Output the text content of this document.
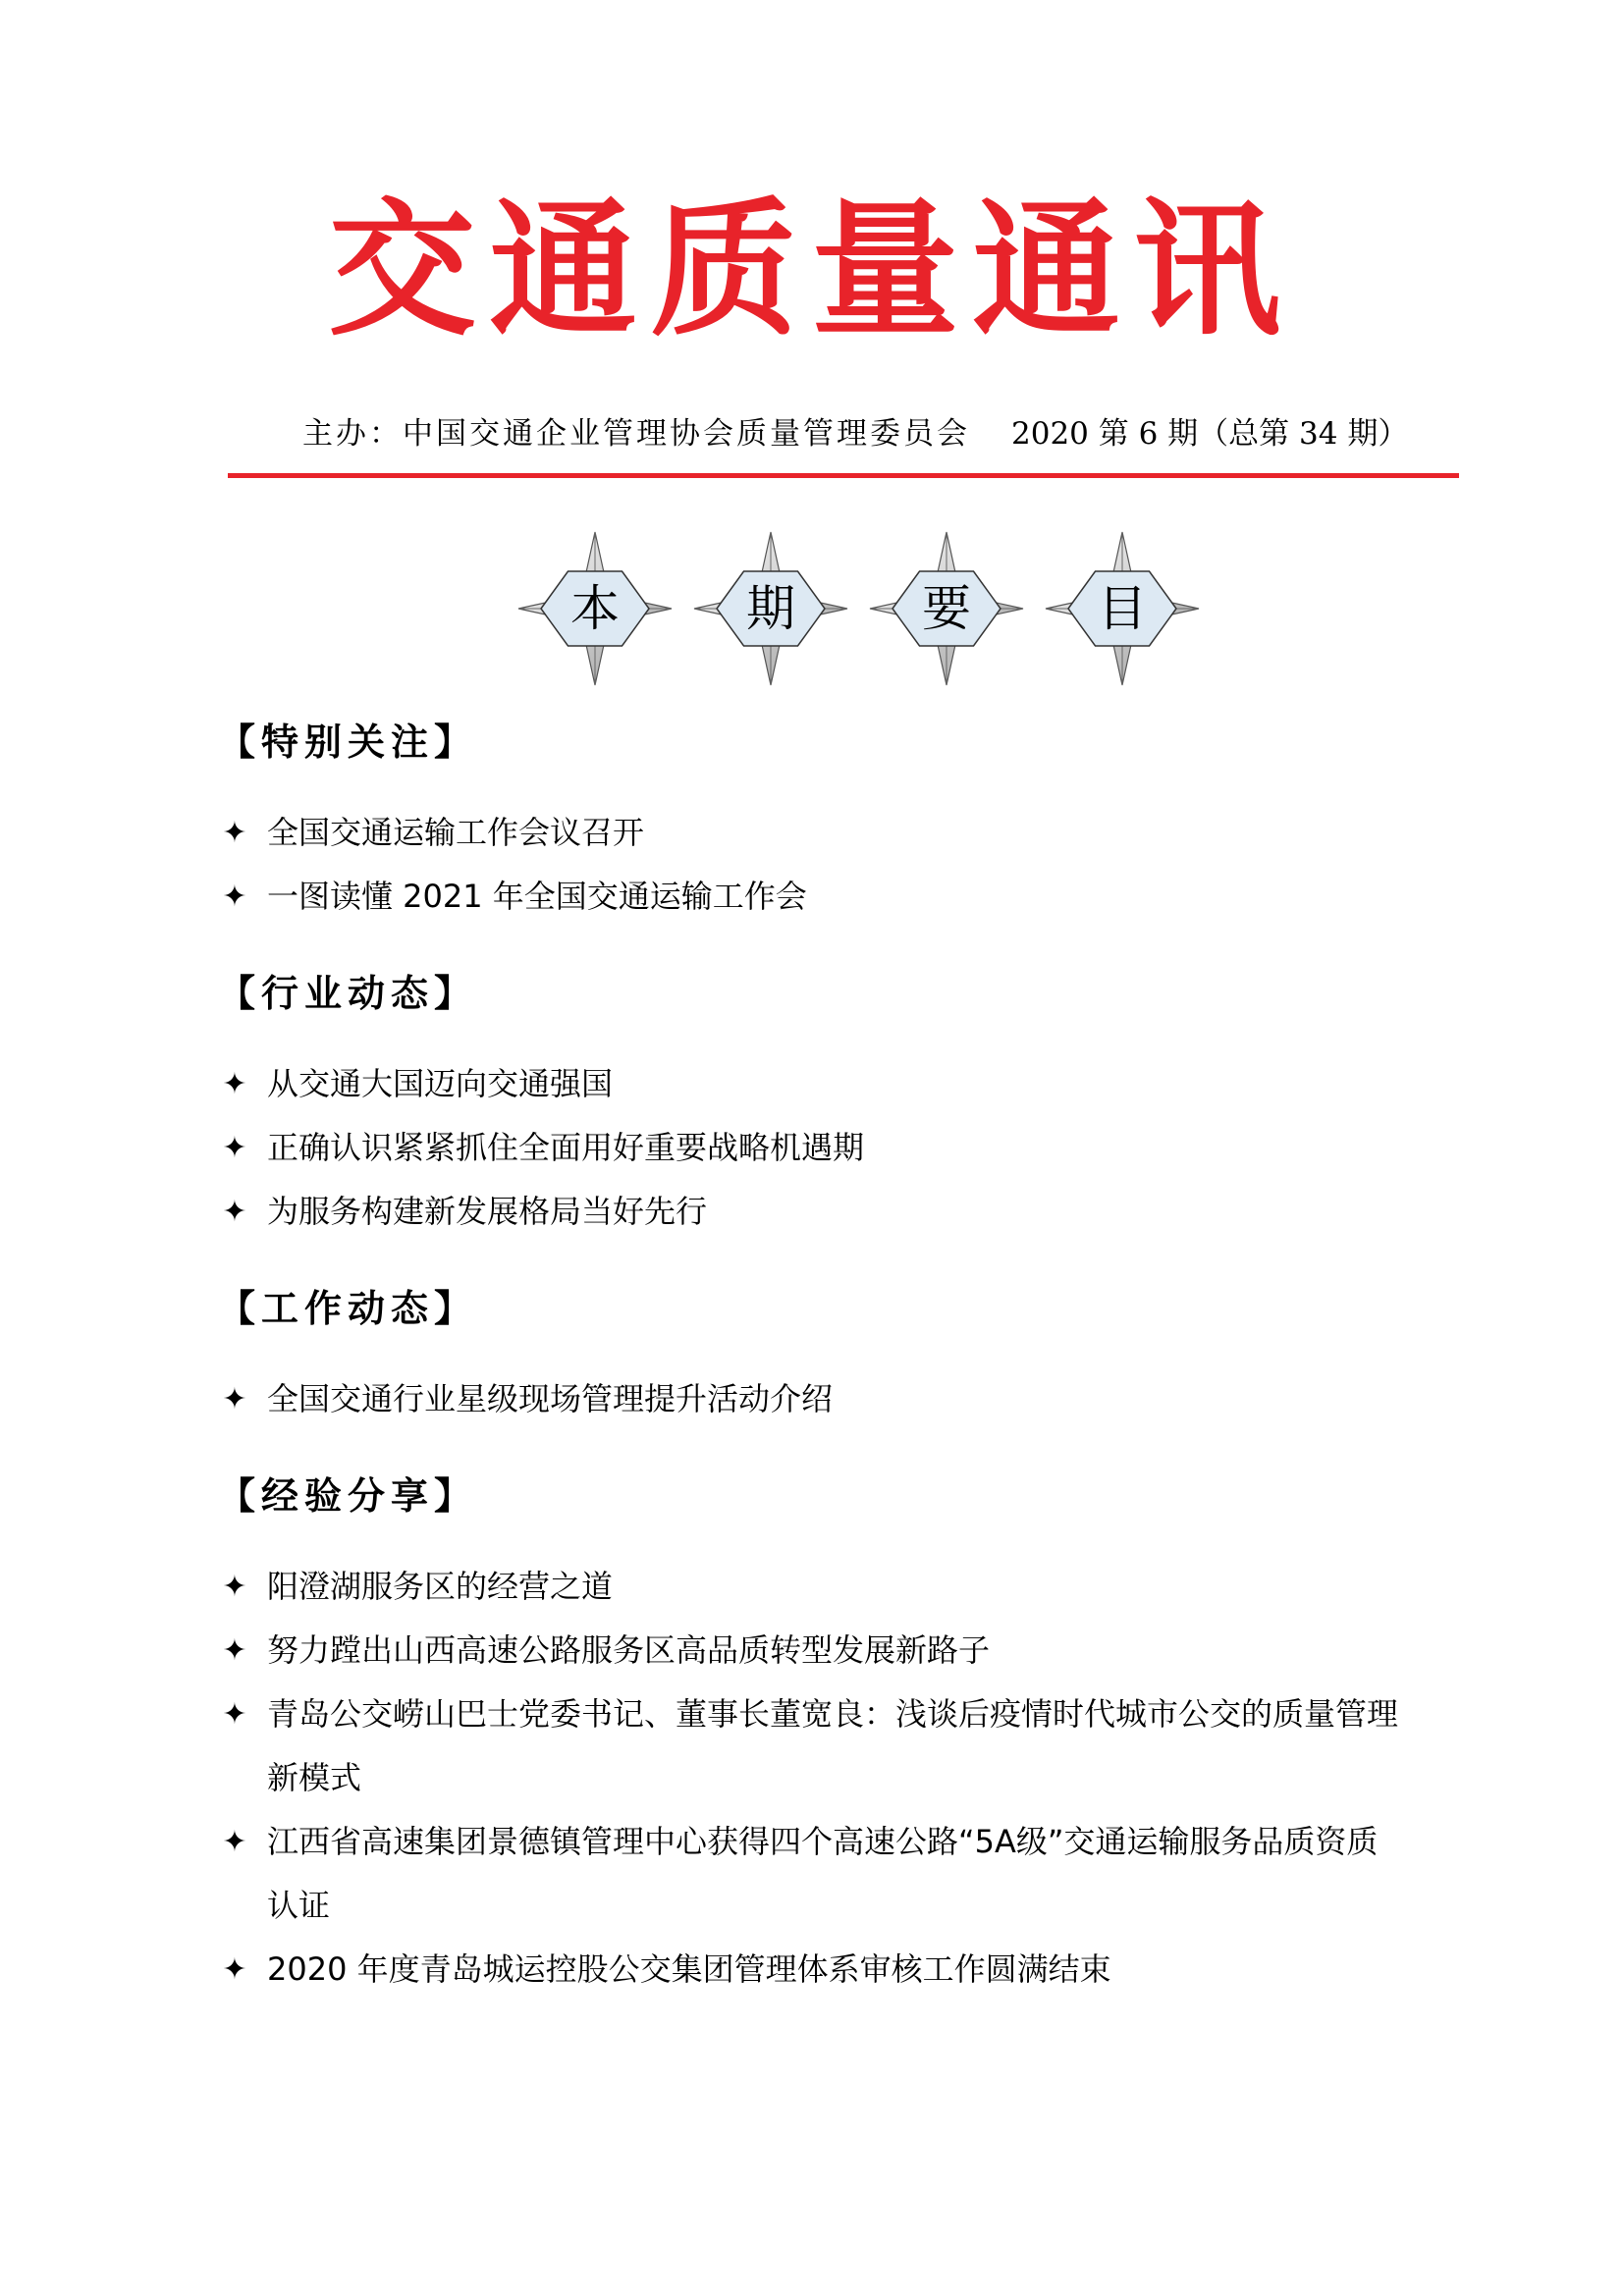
交通质量通讯
主办：中国交通企业管理协会质量管理委员会 2020 第 6 期（总第 34 期）
本	期	要	目
【特别关注】
✦ 全国交通运输工作会议召开
✦ 一图读懂 2021 年全国交通运输工作会
【行业动态】
✦ 从交通大国迈向交通强国
✦ 正确认识紧紧抓住全面用好重要战略机遇期
✦ 为服务构建新发展格局当好先行
【工作动态】
✦ 全国交通行业星级现场管理提升活动介绍
【经验分享】
✦ 阳澄湖服务区的经营之道
✦ 努力蹚出山西高速公路服务区高品质转型发展新路子
✦ 青岛公交崂山巴士党委书记、董事长董宽良：浅谈后疫情时代城市公交的质量管理
新模式
✦ 江西省高速集团景德镇管理中心获得四个高速公路“5A级”交通运输服务品质资质
认证
✦ 2020 年度青岛城运控股公交集团管理体系审核工作圆满结束
